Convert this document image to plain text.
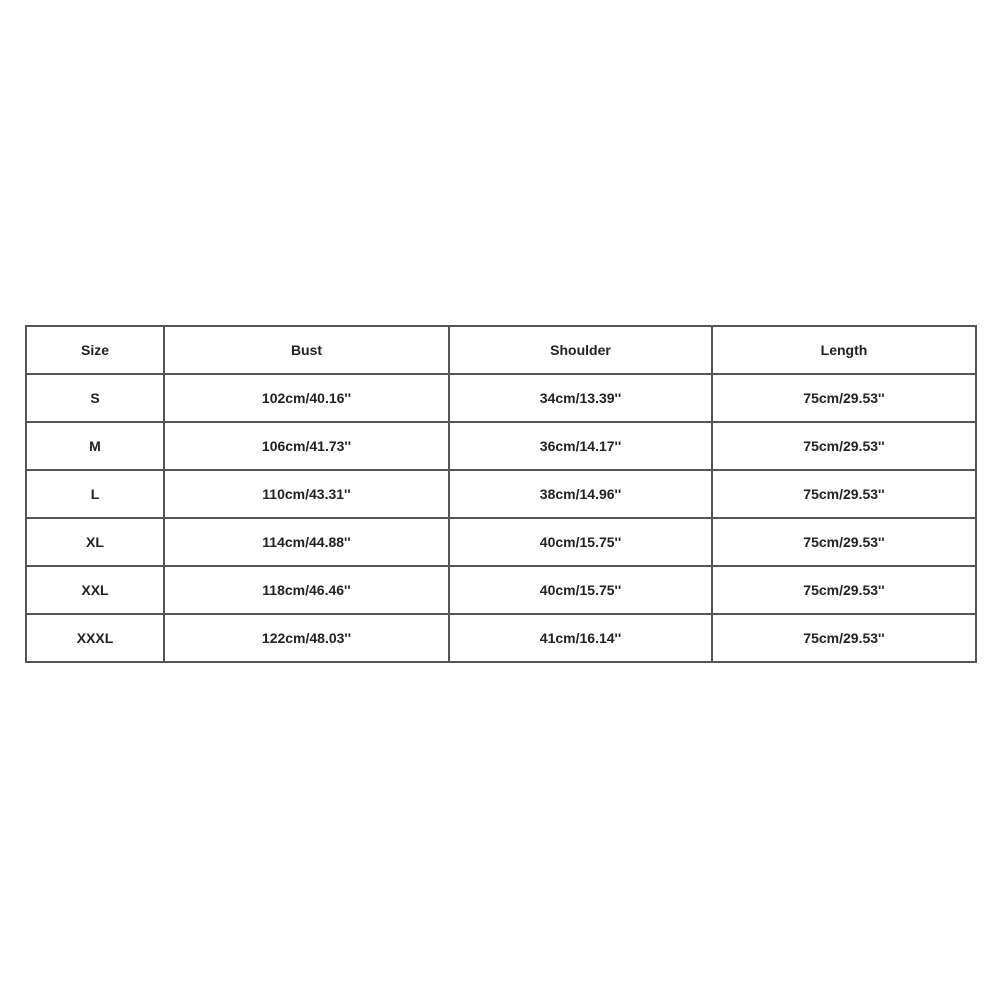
Size	Bust	Shoulder	Length
S	102cm/40.16''	34cm/13.39''	75cm/29.53''
M	106cm/41.73''	36cm/14.17''	75cm/29.53''
L	110cm/43.31''	38cm/14.96''	75cm/29.53''
XL	114cm/44.88''	40cm/15.75''	75cm/29.53''
XXL	118cm/46.46''	40cm/15.75''	75cm/29.53''
XXXL	122cm/48.03''	41cm/16.14''	75cm/29.53''
